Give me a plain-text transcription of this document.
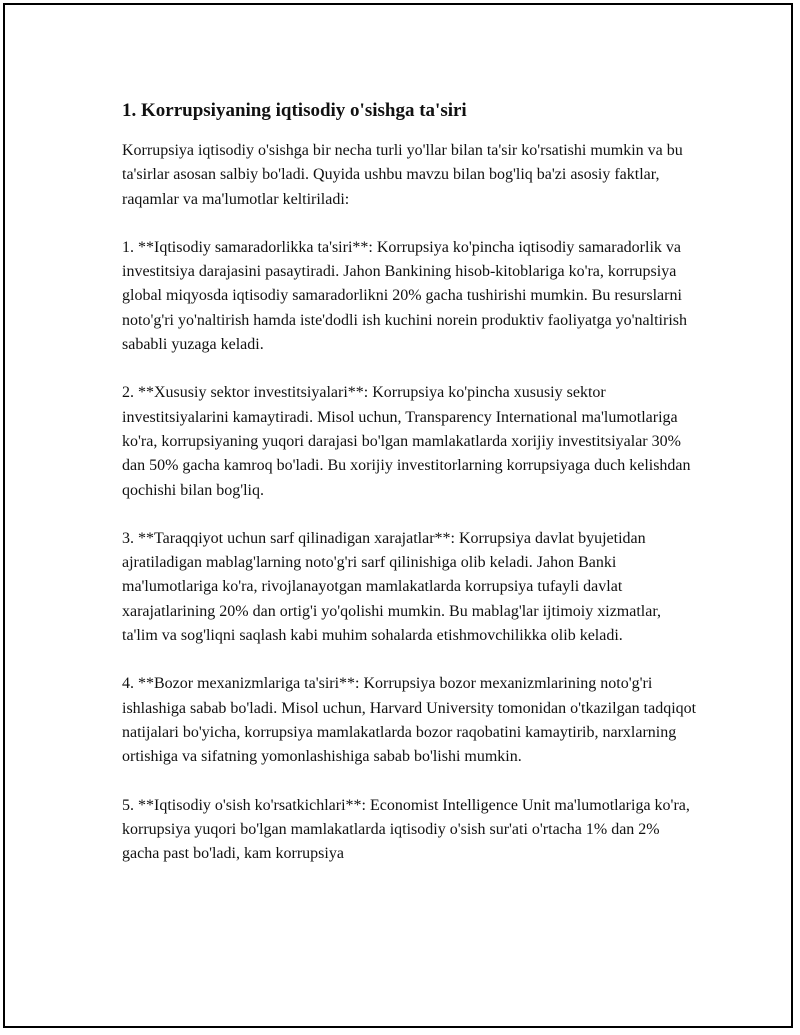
1. Korrupsiyaning iqtisodiy o'sishga ta'siri

Korrupsiya iqtisodiy o'sishga bir necha turli yo'llar bilan ta'sir ko'rsatishi mumkin va bu ta'sirlar asosan salbiy bo'ladi. Quyida ushbu mavzu bilan bog'liq ba'zi asosiy faktlar, raqamlar va ma'lumotlar keltiriladi:

1. **Iqtisodiy samaradorlikka ta'siri**: Korrupsiya ko'pincha iqtisodiy samaradorlik va investitsiya darajasini pasaytiradi. Jahon Bankining hisob-kitoblariga ko'ra, korrupsiya global miqyosda iqtisodiy samaradorlikni 20% gacha tushirishi mumkin. Bu resurslarni noto'g'ri yo'naltirish hamda iste'dodli ish kuchini norein produktiv faoliyatga yo'naltirish sababli yuzaga keladi.

2. **Xususiy sektor investitsiyalari**: Korrupsiya ko'pincha xususiy sektor investitsiyalarini kamaytiradi. Misol uchun, Transparency International ma'lumotlariga ko'ra, korrupsiyaning yuqori darajasi bo'lgan mamlakatlarda xorijiy investitsiyalar 30% dan 50% gacha kamroq bo'ladi. Bu xorijiy investitorlarning korrupsiyaga duch kelishdan qochishi bilan bog'liq.

3. **Taraqqiyot uchun sarf qilinadigan xarajatlar**: Korrupsiya davlat byujetidan ajratiladigan mablag'larning noto'g'ri sarf qilinishiga olib keladi. Jahon Banki ma'lumotlariga ko'ra, rivojlanayotgan mamlakatlarda korrupsiya tufayli davlat xarajatlarining 20% dan ortig'i yo'qolishi mumkin. Bu mablag'lar ijtimoiy xizmatlar, ta'lim va sog'liqni saqlash kabi muhim sohalarda etishmovchilikka olib keladi.

4. **Bozor mexanizmlariga ta'siri**: Korrupsiya bozor mexanizmlarining noto'g'ri ishlashiga sabab bo'ladi. Misol uchun, Harvard University tomonidan o'tkazilgan tadqiqot natijalari bo'yicha, korrupsiya mamlakatlarda bozor raqobatini kamaytirib, narxlarning ortishiga va sifatning yomonlashishiga sabab bo'lishi mumkin.

5. **Iqtisodiy o'sish ko'rsatkichlari**: Economist Intelligence Unit ma'lumotlariga ko'ra, korrupsiya yuqori bo'lgan mamlakatlarda iqtisodiy o'sish sur'ati o'rtacha 1% dan 2% gacha past bo'ladi, kam korrupsiya
